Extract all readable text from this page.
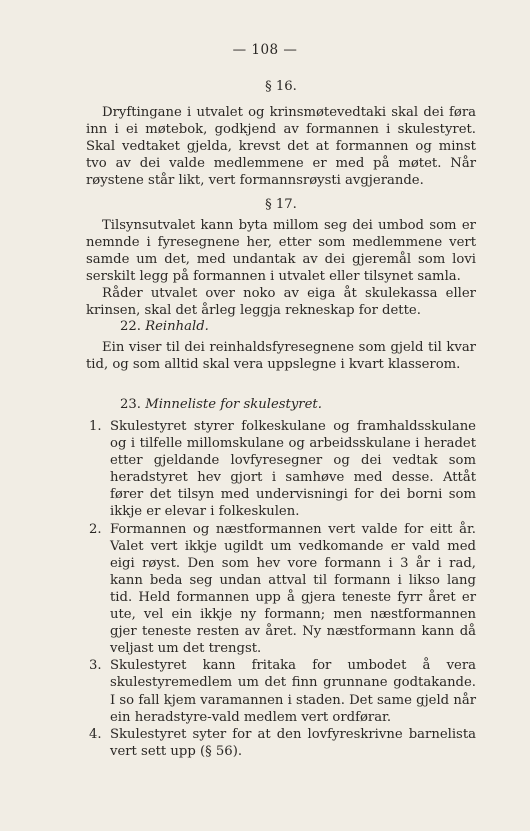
— 108 —
§ 16.

Dryftingane i utvalet og krinsmøtevedtaki skal dei føra inn i ei møtebok, godkjend av formannen i skulestyret. Skal vedtaket gjelda, krevst det at formannen og minst tvo av dei valde medlemmene er med på møtet. Når røystene står likt, vert formannsrøysti avgjerande.

§ 17.

Tilsynsutvalet kann byta millom seg dei umbod som er nemnde i fyresegnene her, etter som medlemmene vert samde um det, med undantak av dei gjeremål som lovi serskilt legg på formannen i utvalet eller tilsynet samla.

Råder utvalet over noko av eiga åt skulekassa eller krinsen, skal det årleg leggja rekneskap for dette.

22. Reinhald.

Ein viser til dei reinhaldsfyresegnene som gjeld til kvar tid, og som alltid skal vera uppslegne i kvart klasserom.

23. Minneliste for skulestyret.
1. Skulestyret styrer folkeskulane og framhaldsskulane og i tilfelle millomskulane og arbeidsskulane i heradet etter gjeldande lovfyresegner og dei vedtak som heradstyret hev gjort i samhøve med desse. Attåt fører det tilsyn med undervisningi for dei borni som ikkje er elevar i folkeskulen.
2. Formannen og næstformannen vert valde for eitt år. Valet vert ikkje ugildt um vedkomande er vald med eigi røyst. Den som hev vore formann i 3 år i rad, kann beda seg undan attval til formann i likso lang tid. Held formannen upp å gjera teneste fyrr året er ute, vel ein ikkje ny formann; men næstformannen gjer teneste resten av året. Ny næstformann kann då veljast um det trengst.
3. Skulestyret kann fritaka for umbodet å vera skulestyremedlem um det finn grunnane godtakande. I so fall kjem varamannen i staden. Det same gjeld når ein heradstyre-vald medlem vert ordførar.
4. Skulestyret syter for at den lovfyreskrivne barnelista vert sett upp (§ 56).
